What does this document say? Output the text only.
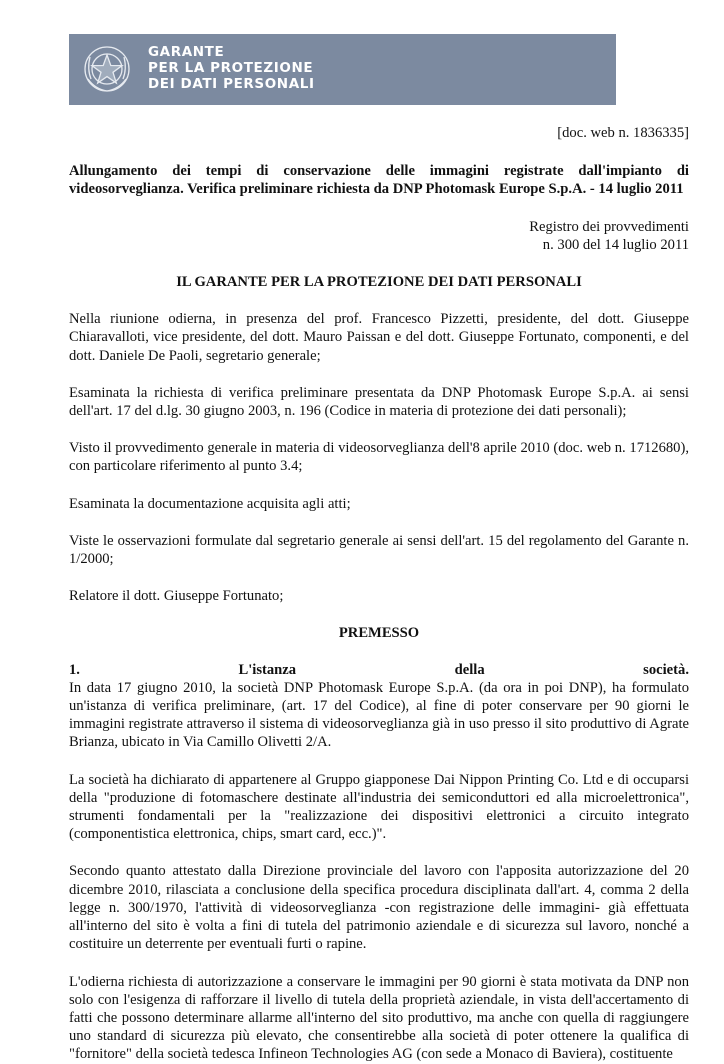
GARANTE
PER LA PROTEZIONE
DEI DATI PERSONALI

[doc. web n. 1836335]

Allungamento dei tempi di conservazione delle immagini registrate dall'impianto di videosorveglianza. Verifica preliminare richiesta da DNP Photomask Europe S.p.A. - 14 luglio 2011

Registro dei provvedimenti

n. 300 del 14 luglio 2011

IL GARANTE PER LA PROTEZIONE DEI DATI PERSONALI

Nella riunione odierna, in presenza del prof. Francesco Pizzetti, presidente, del dott. Giuseppe Chiaravalloti, vice presidente, del dott. Mauro Paissan e del dott. Giuseppe Fortunato, componenti, e del dott. Daniele De Paoli, segretario generale;

Esaminata la richiesta di verifica preliminare presentata da DNP Photomask Europe S.p.A. ai sensi dell'art. 17 del d.lg. 30 giugno 2003, n. 196 (Codice in materia di protezione dei dati personali);

Visto il provvedimento generale in materia di videosorveglianza dell'8 aprile 2010 (doc. web n. 1712680), con particolare riferimento al punto 3.4;

Esaminata la documentazione acquisita agli atti;

Viste le osservazioni formulate dal segretario generale ai sensi dell'art. 15 del regolamento del Garante n. 1/2000;

Relatore il dott. Giuseppe Fortunato;

PREMESSO

1.	L'istanza	della	società.

In data 17 giugno 2010, la società DNP Photomask Europe S.p.A. (da ora in poi DNP), ha formulato un'istanza di verifica preliminare, (art. 17 del Codice), al fine di poter conservare per 90 giorni le immagini registrate attraverso il sistema di videosorveglianza già in uso presso il sito produttivo di Agrate Brianza, ubicato in Via Camillo Olivetti 2/A.

La società ha dichiarato di appartenere al Gruppo giapponese Dai Nippon Printing Co. Ltd e di occuparsi della "produzione di fotomaschere destinate all'industria dei semiconduttori ed alla microelettronica", strumenti fondamentali per la "realizzazione dei dispositivi elettronici a circuito integrato (componentistica elettronica, chips, smart card, ecc.)".

Secondo quanto attestato dalla Direzione provinciale del lavoro con l'apposita autorizzazione del 20 dicembre 2010, rilasciata a conclusione della specifica procedura disciplinata dall'art. 4, comma 2 della legge n. 300/1970, l'attività di videosorveglianza -con registrazione delle immagini- già effettuata all'interno del sito è volta a fini di tutela del patrimonio aziendale e di sicurezza sul lavoro, nonché a costituire un deterrente per eventuali furti o rapine.

L'odierna richiesta di autorizzazione a conservare le immagini per 90 giorni è stata motivata da DNP non solo con l'esigenza di rafforzare il livello di tutela della proprietà aziendale, in vista dell'accertamento di fatti che possono determinare allarme all'interno del sito produttivo, ma anche con quella di raggiungere uno standard di sicurezza più elevato, che consentirebbe alla società di poter ottenere la qualifica di "fornitore" della società tedesca Infineon Technologies AG (con sede a Monaco di Baviera), costituente
